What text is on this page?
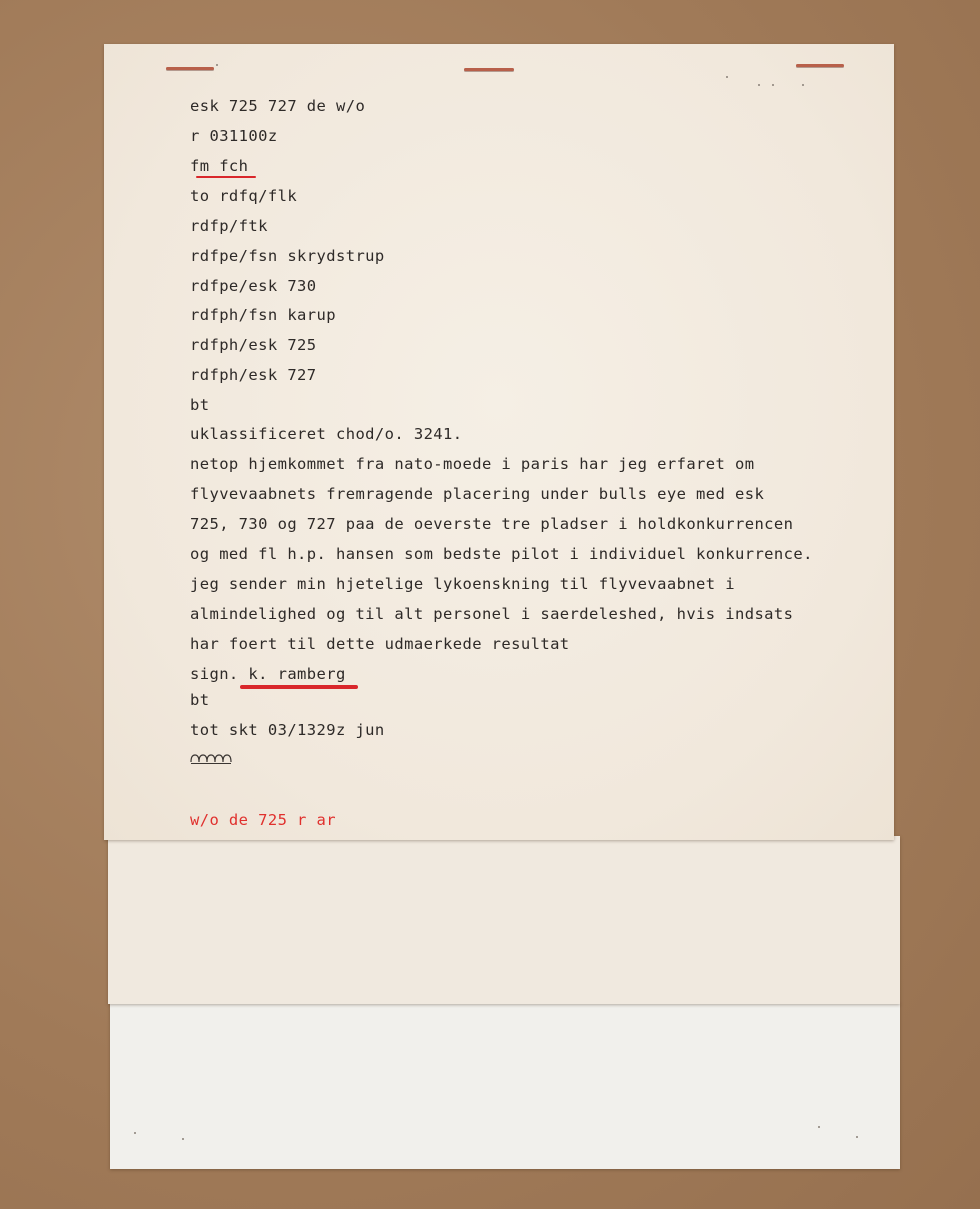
esk 725 727 de w/o
r 031100z
fm fch
to rdfq/flk
rdfp/ftk
rdfpe/fsn skrydstrup
rdfpe/esk 730
rdfph/fsn karup
rdfph/esk 725
rdfph/esk 727
bt
uklassificeret chod/o. 3241.
netop hjemkommet fra nato-moede i paris har jeg erfaret om
flyvevaabnets fremragende placering under bulls eye med esk
725, 730 og 727 paa de oeverste tre pladser i holdkonkurrencen
og med fl h.p. hansen som bedste pilot i individuel konkurrence.
jeg sender min hjetelige lykoenskning til flyvevaabnet i
almindelighed og til alt personel i saerdeleshed, hvis indsats
har foert til dette udmaerkede resultat
sign. k. ramberg
bt
tot skt 03/1329z jun
w/o de 725 r ar
